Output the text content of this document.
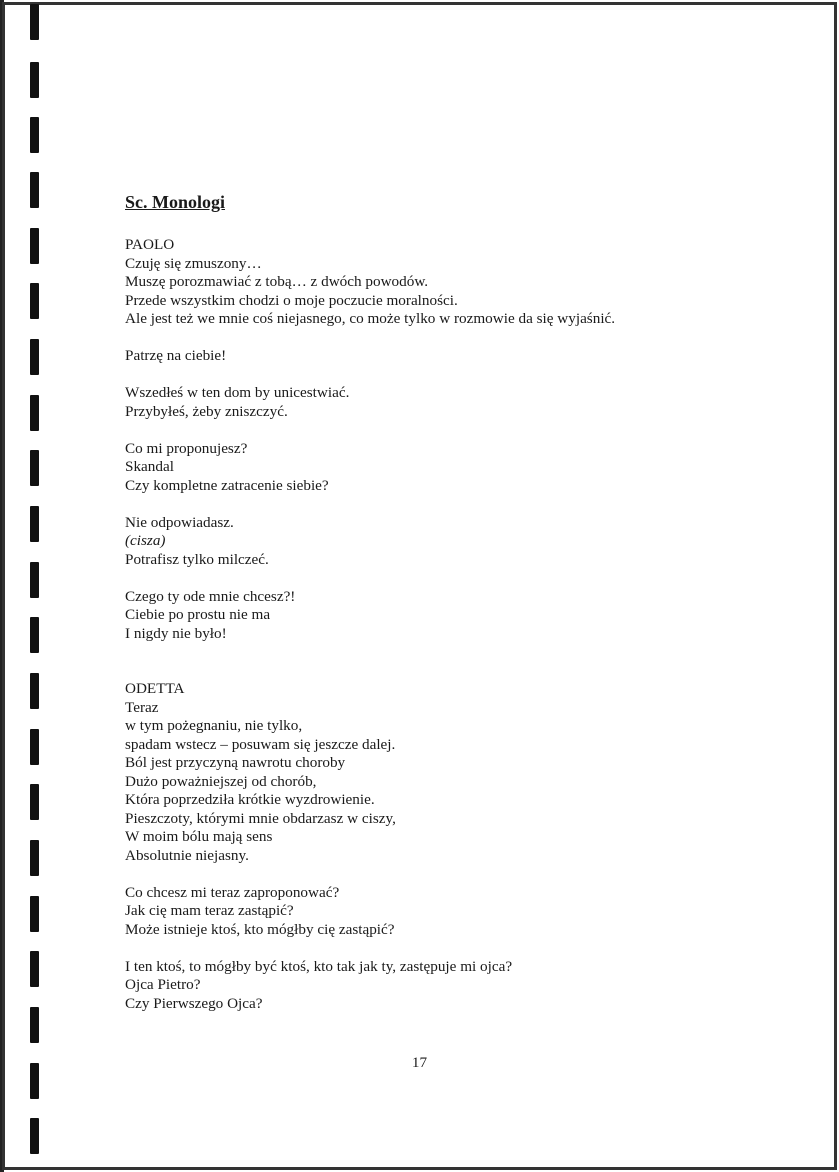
Sc. Monologi
PAOLO
Czuję się zmuszony…
Muszę porozmawiać z tobą… z dwóch powodów.
Przede wszystkim chodzi o moje poczucie moralności.
Ale jest też we mnie coś niejasnego, co może tylko w rozmowie da się wyjaśnić.
Patrzę na ciebie!
Wszedłeś w ten dom by unicestwiać.
Przybyłeś, żeby zniszczyć.
Co mi proponujesz?
Skandal
Czy kompletne zatracenie siebie?
Nie odpowiadasz.
(cisza)
Potrafisz tylko milczeć.
Czego ty ode mnie chcesz?!
Ciebie po prostu nie ma
I nigdy nie było!
ODETTA
Teraz
w tym pożegnaniu, nie tylko,
spadam wstecz – posuwam się jeszcze dalej.
Ból jest przyczyną nawrotu choroby
Dużo poważniejszej od chorób,
Która poprzedziła krótkie wyzdrowienie.
Pieszczoty, którymi mnie obdarzasz w ciszy,
W moim bólu mają sens
Absolutnie niejasny.
Co chcesz mi teraz zaproponować?
Jak cię mam teraz zastąpić?
Może istnieje ktoś, kto mógłby cię zastąpić?
I ten ktoś, to mógłby być ktoś, kto tak jak ty, zastępuje mi ojca?
Ojca Pietro?
Czy Pierwszego Ojca?
17
